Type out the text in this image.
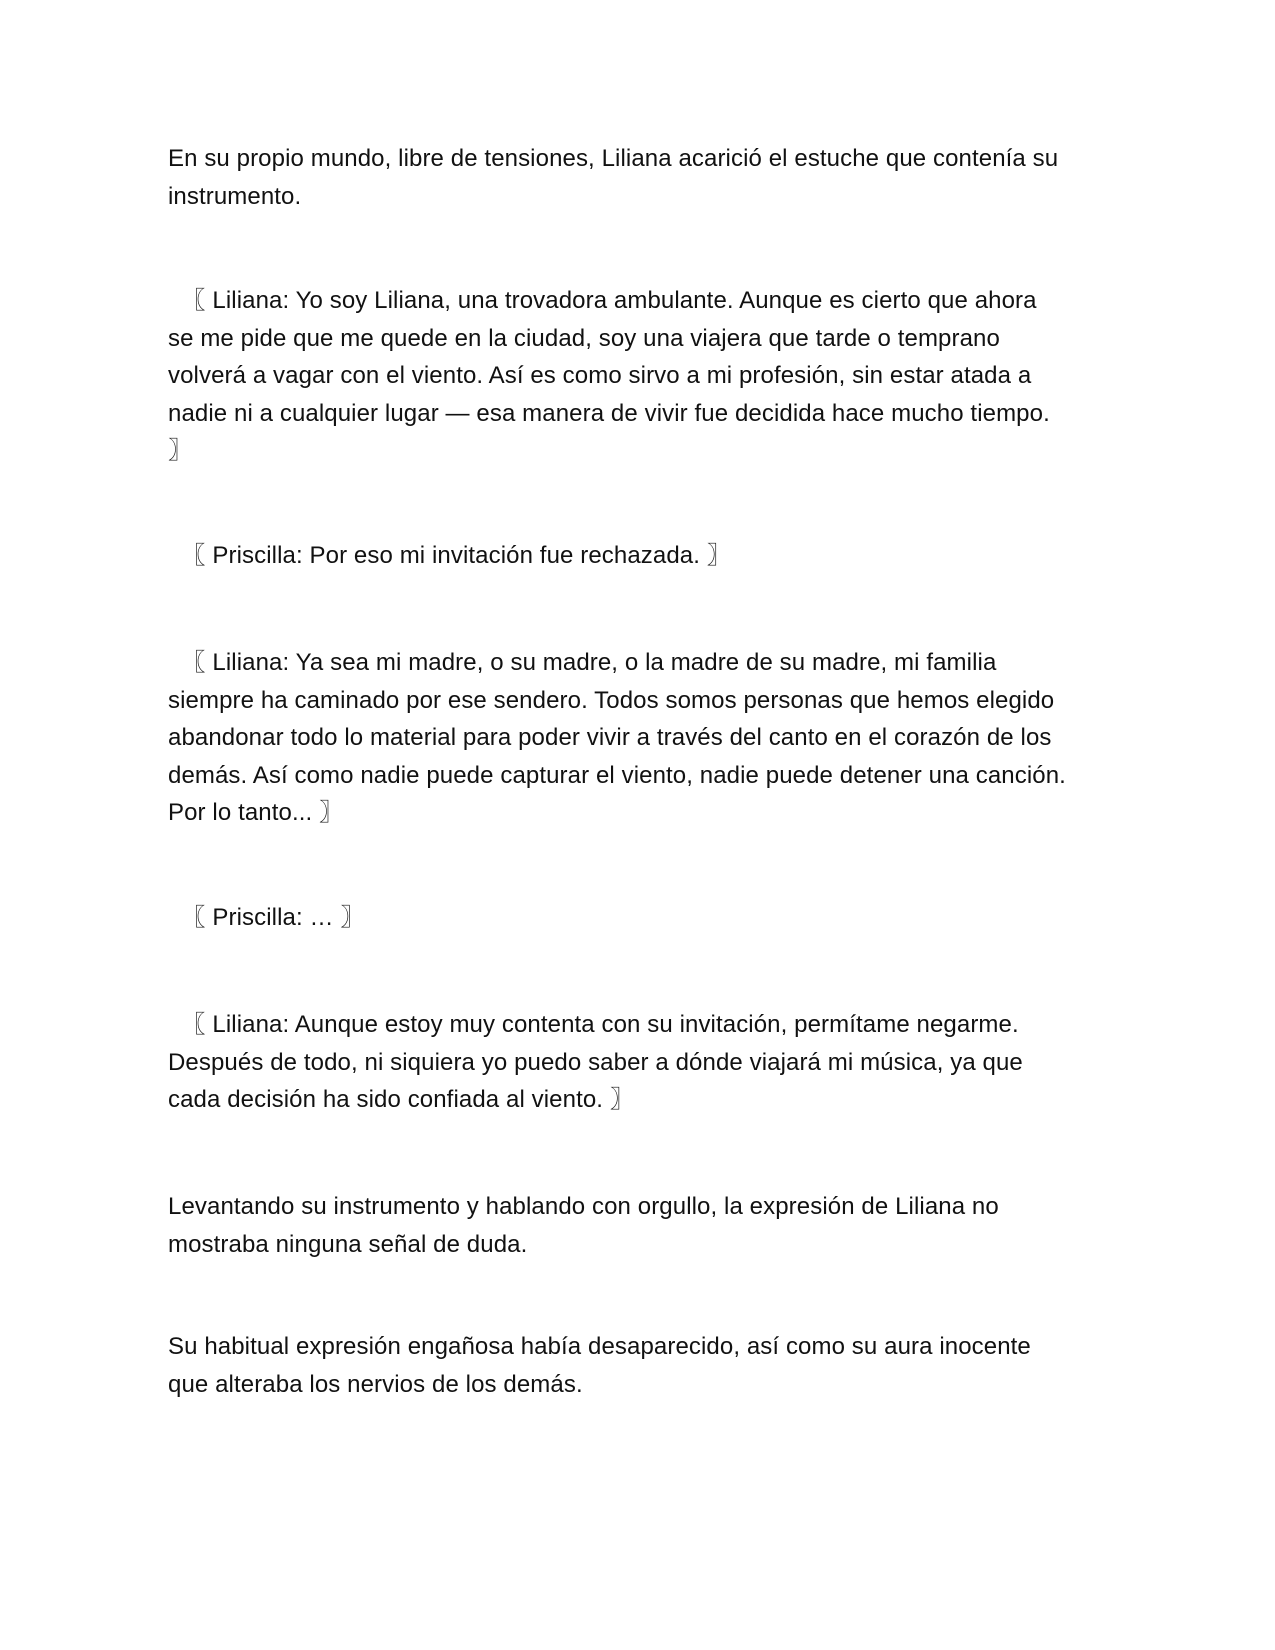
En su propio mundo, libre de tensiones, Liliana acarició el estuche que contenía su instrumento.

〖 Liliana: Yo soy Liliana, una trovadora ambulante. Aunque es cierto que ahora se me pide que me quede en la ciudad, soy una viajera que tarde o temprano volverá a vagar con el viento. Así es como sirvo a mi profesión, sin estar atada a nadie ni a cualquier lugar — esa manera de vivir fue decidida hace mucho tiempo. 〗

〖 Priscilla: Por eso mi invitación fue rechazada. 〗

〖 Liliana: Ya sea mi madre, o su madre, o la madre de su madre, mi familia siempre ha caminado por ese sendero. Todos somos personas que hemos elegido abandonar todo lo material para poder vivir a través del canto en el corazón de los demás. Así como nadie puede capturar el viento, nadie puede detener una canción. Por lo tanto... 〗

〖 Priscilla: … 〗

〖 Liliana: Aunque estoy muy contenta con su invitación, permítame negarme. Después de todo, ni siquiera yo puedo saber a dónde viajará mi música, ya que cada decisión ha sido confiada al viento. 〗

Levantando su instrumento y hablando con orgullo, la expresión de Liliana no mostraba ninguna señal de duda.

Su habitual expresión engañosa había desaparecido, así como su aura inocente que alteraba los nervios de los demás.
